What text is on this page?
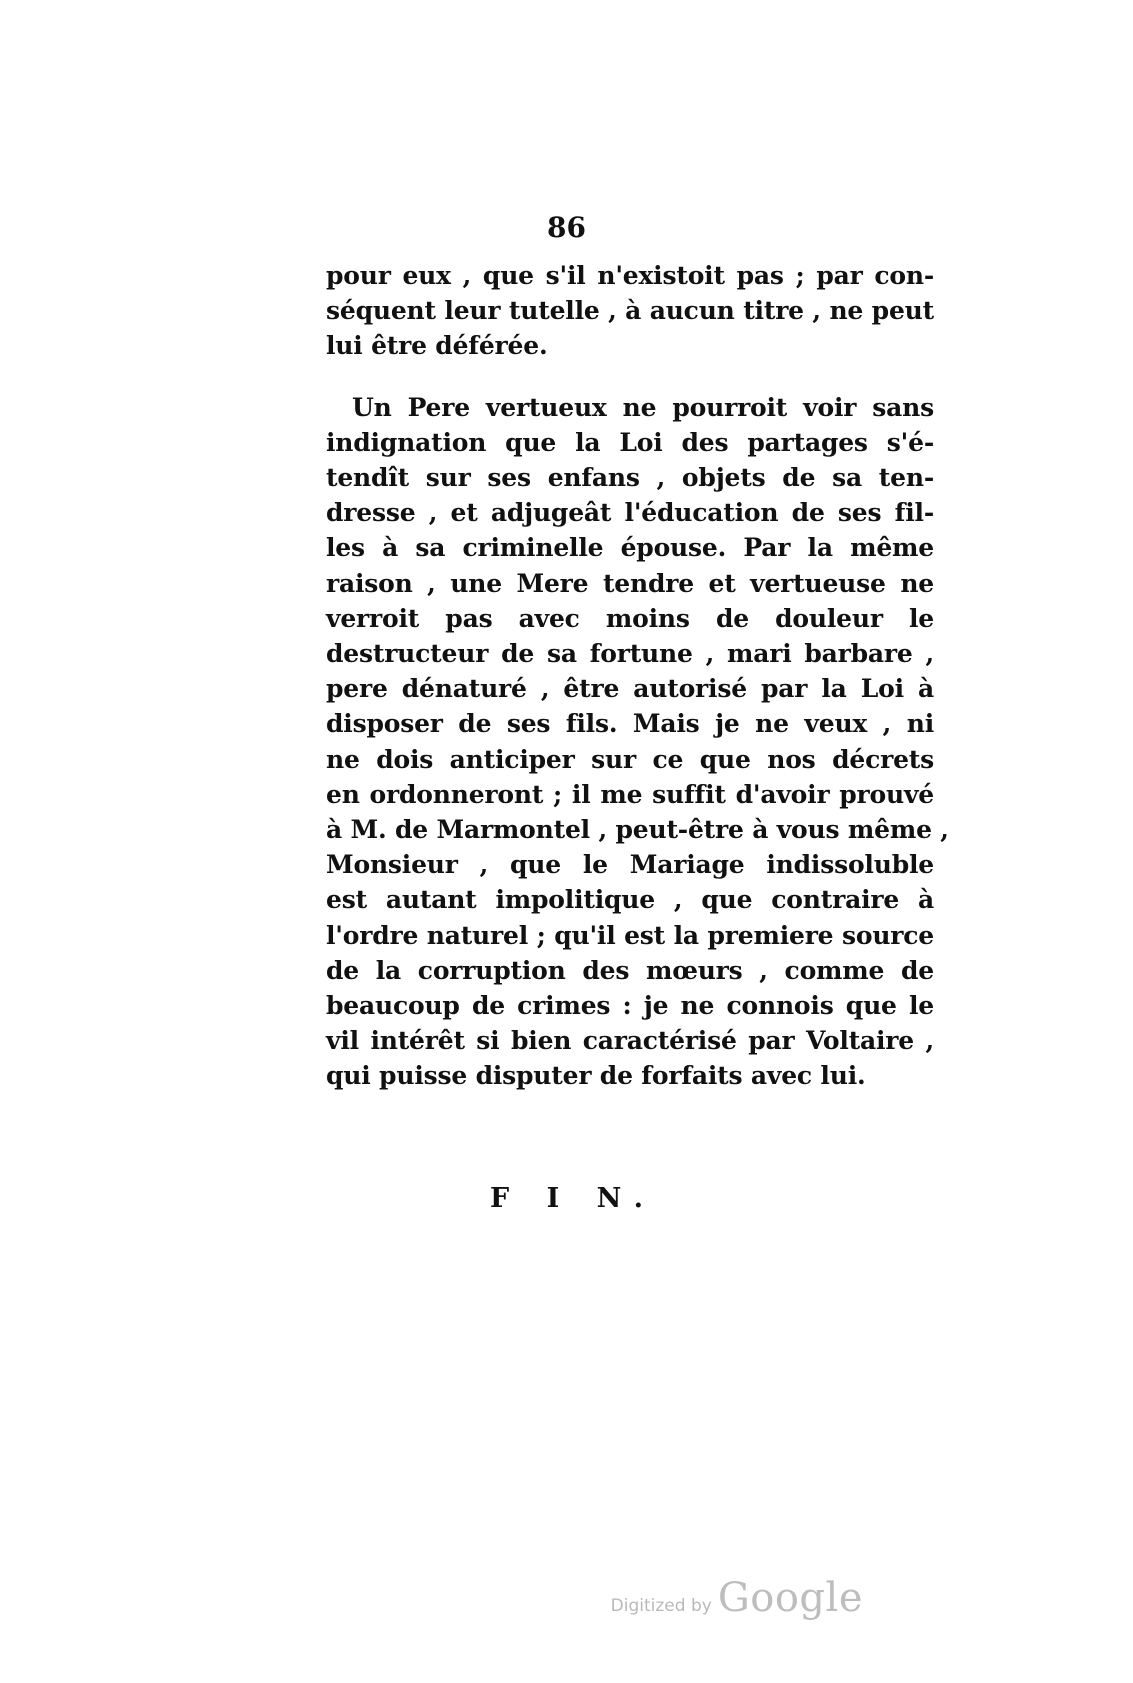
86
pour eux , que s'il n'existoit pas ; par con-
séquent leur tutelle , à aucun titre , ne peut
lui être déférée.
Un Pere vertueux ne pourroit voir sans
indignation que la Loi des partages s'é-
tendît sur ses enfans , objets de sa ten-
dresse , et adjugeât l'éducation de ses fil-
les à sa criminelle épouse. Par la même
raison , une Mere tendre et vertueuse ne
verroit pas avec moins de douleur le
destructeur de sa fortune , mari barbare ,
pere dénaturé , être autorisé par la Loi à
disposer de ses fils. Mais je ne veux , ni
ne dois anticiper sur ce que nos décrets
en ordonneront ; il me suffit d'avoir prouvé
à M. de Marmontel , peut-être à vous même ,
Monsieur , que le Mariage indissoluble
est autant impolitique , que contraire à
l'ordre naturel ; qu'il est la premiere source
de la corruption des mœurs , comme de
beaucoup de crimes : je ne connois que le
vil intérêt si bien caractérisé par Voltaire ,
qui puisse disputer de forfaits avec lui.
F I N.
Digitized by Google
